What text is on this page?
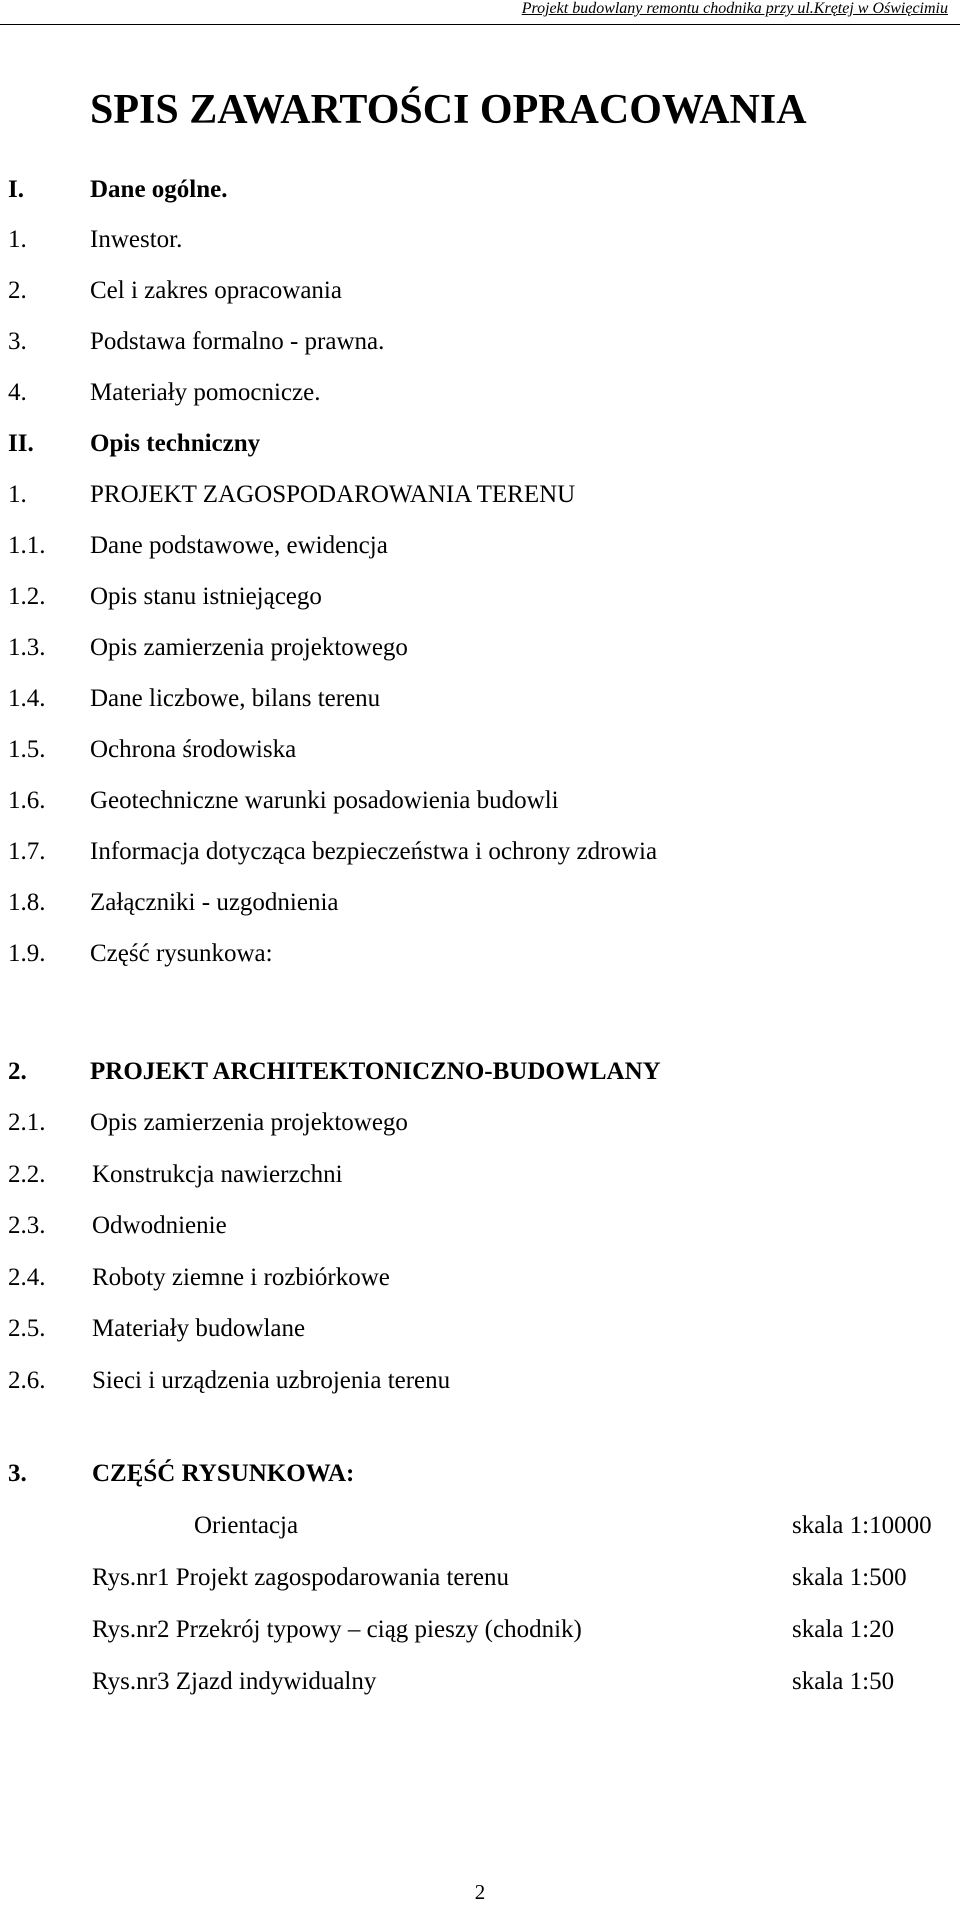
Projekt budowlany remontu chodnika przy ul.Krętej w Oświęcimiu
SPIS ZAWARTOŚCI OPRACOWANIA
I.	Dane ogólne.
1.	Inwestor.
2.	Cel i zakres opracowania
3.	Podstawa formalno - prawna.
4.	Materiały pomocnicze.
II. Opis techniczny
1.	PROJEKT ZAGOSPODAROWANIA TERENU
1.1. Dane podstawowe, ewidencja
1.2. Opis stanu istniejącego
1.3. Opis zamierzenia projektowego
1.4. Dane liczbowe, bilans terenu
1.5. Ochrona środowiska
1.6. Geotechniczne warunki posadowienia budowli
1.7. Informacja dotycząca bezpieczeństwa i ochrony zdrowia
1.8. Załączniki - uzgodnienia
1.9. Część rysunkowa:
2.	PROJEKT ARCHITEKTONICZNO-BUDOWLANY
2.1. Opis zamierzenia projektowego
2.2. Konstrukcja nawierzchni
2.3. Odwodnienie
2.4. Roboty ziemne i rozbiórkowe
2.5. Materiały budowlane
2.6. Sieci i urządzenia uzbrojenia terenu
3.	CZĘŚĆ RYSUNKOWA:
Orientacja	skala 1:10000
Rys.nr1 Projekt zagospodarowania terenu	skala 1:500
Rys.nr2 Przekrój typowy – ciąg pieszy (chodnik)	skala 1:20
Rys.nr3 Zjazd indywidualny	skala 1:50
2
